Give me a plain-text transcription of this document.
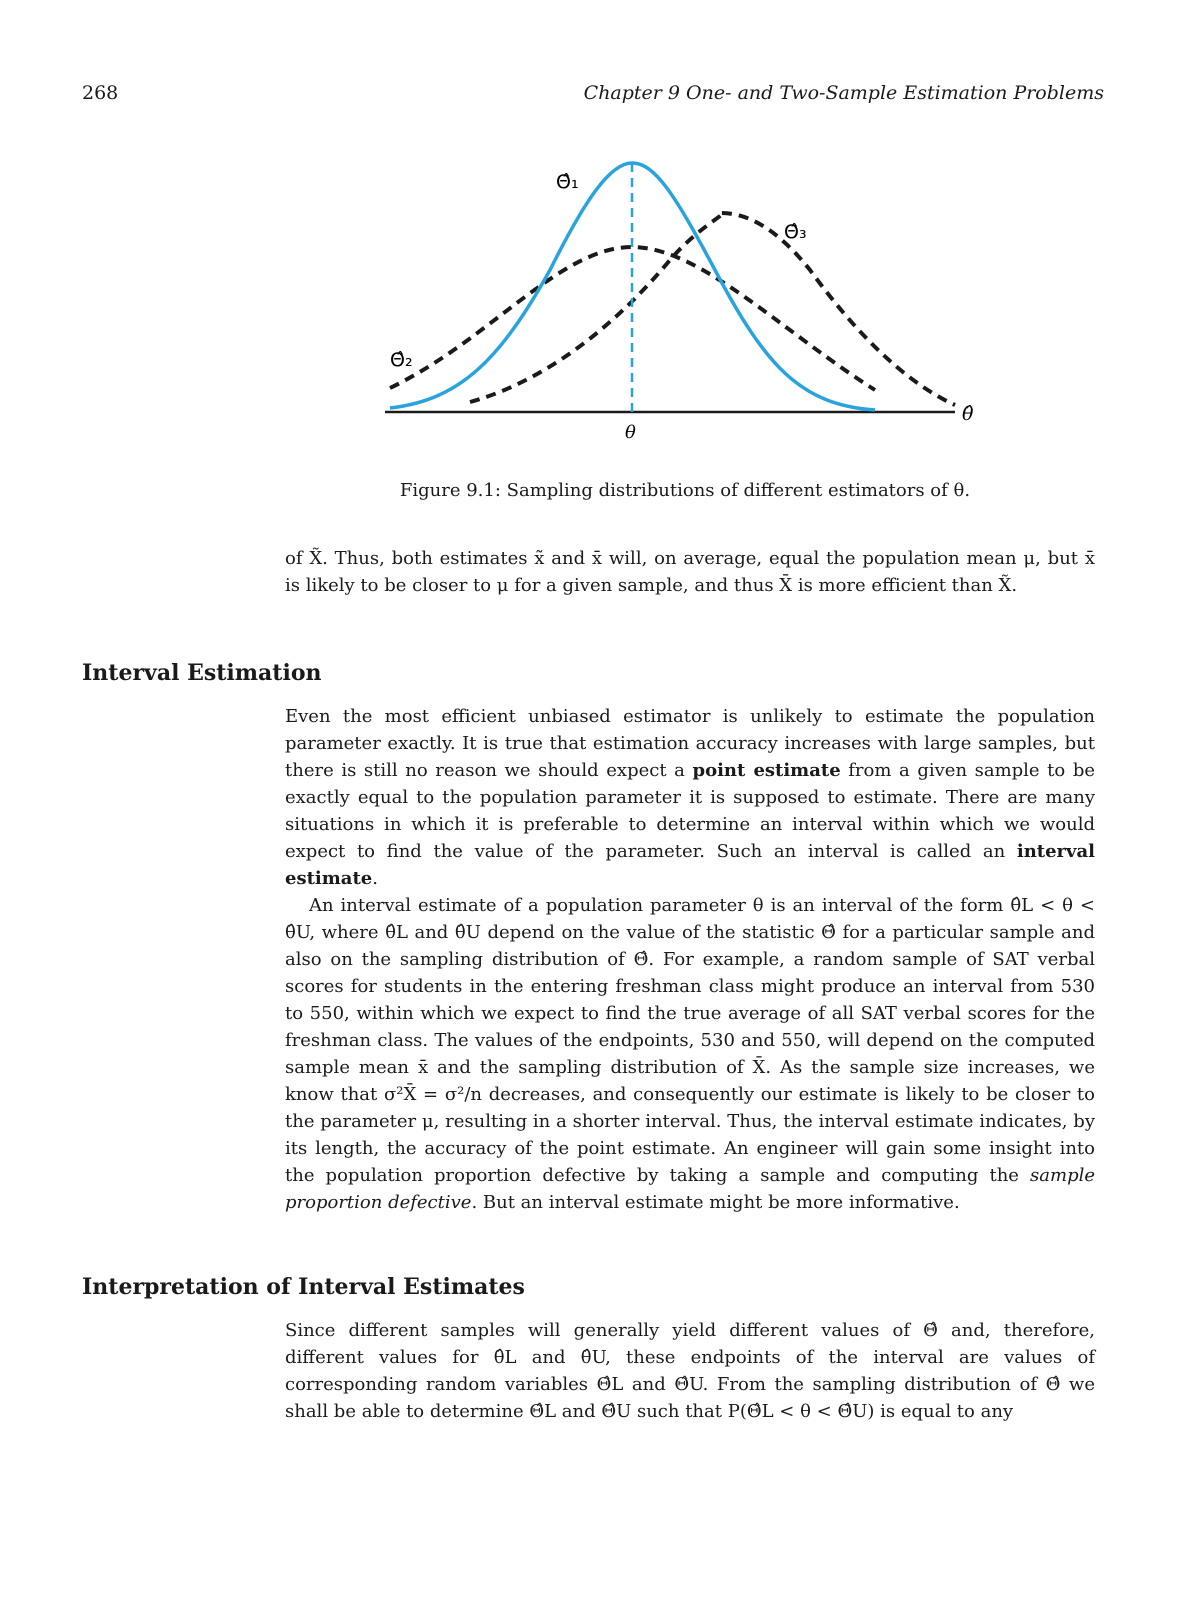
268	Chapter 9 One- and Two-Sample Estimation Problems
Θ̂₁
Θ̂₂
Θ̂₃
θ
θ̂
Figure 9.1: Sampling distributions of different estimators of θ.

of X̃. Thus, both estimates x̃ and x̄ will, on average, equal the population mean μ, but x̄ is likely to be closer to μ for a given sample, and thus X̄ is more efficient than X̃.

Interval Estimation

Even the most efficient unbiased estimator is unlikely to estimate the population parameter exactly. It is true that estimation accuracy increases with large samples, but there is still no reason we should expect a point estimate from a given sample to be exactly equal to the population parameter it is supposed to estimate. There are many situations in which it is preferable to determine an interval within which we would expect to find the value of the parameter. Such an interval is called an interval estimate.

An interval estimate of a population parameter θ is an interval of the form θ̂L < θ < θ̂U, where θ̂L and θ̂U depend on the value of the statistic Θ̂ for a particular sample and also on the sampling distribution of Θ̂. For example, a random sample of SAT verbal scores for students in the entering freshman class might produce an interval from 530 to 550, within which we expect to find the true average of all SAT verbal scores for the freshman class. The values of the endpoints, 530 and 550, will depend on the computed sample mean x̄ and the sampling distribution of X̄. As the sample size increases, we know that σ²X̄ = σ²/n decreases, and consequently our estimate is likely to be closer to the parameter μ, resulting in a shorter interval. Thus, the interval estimate indicates, by its length, the accuracy of the point estimate. An engineer will gain some insight into the population proportion defective by taking a sample and computing the sample proportion defective. But an interval estimate might be more informative.

Interpretation of Interval Estimates

Since different samples will generally yield different values of Θ̂ and, therefore, different values for θ̂L and θ̂U, these endpoints of the interval are values of corresponding random variables Θ̂L and Θ̂U. From the sampling distribution of Θ̂ we shall be able to determine Θ̂L and Θ̂U such that P(Θ̂L < θ < Θ̂U) is equal to any
